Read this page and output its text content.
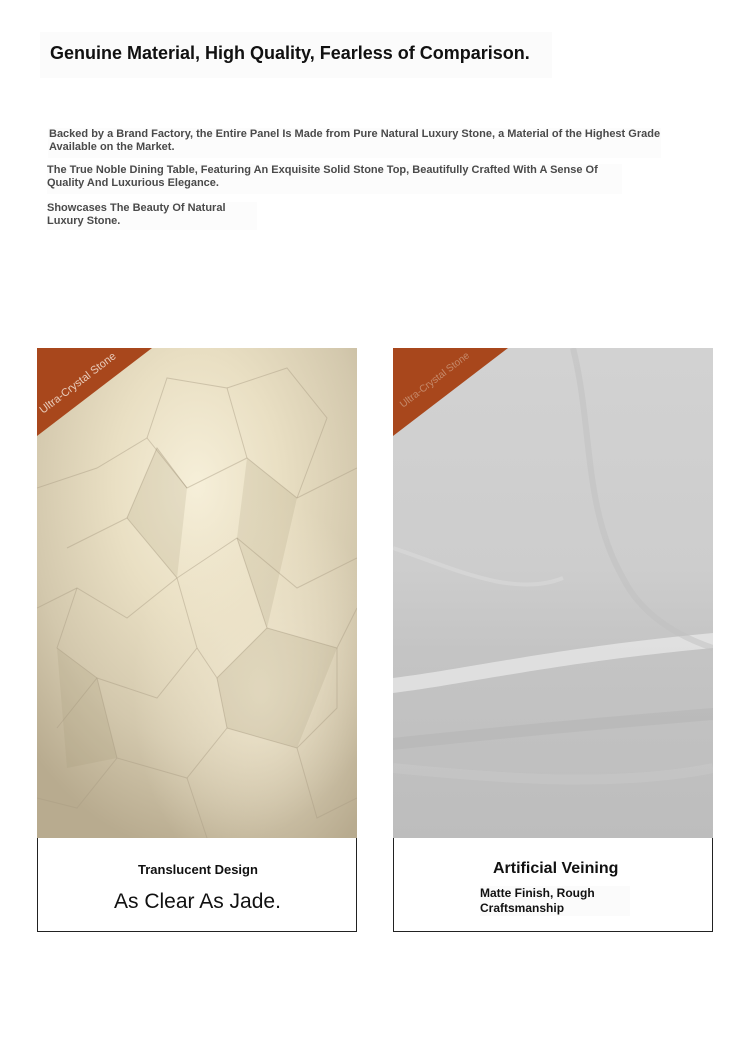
Genuine Material, High Quality, Fearless of Comparison.
Backed by a Brand Factory, the Entire Panel Is Made from Pure Natural Luxury Stone, a Material of the Highest Grade Available on the Market.
The True Noble Dining Table, Featuring An Exquisite Solid Stone Top, Beautifully Crafted With A Sense Of Quality And Luxurious Elegance.
Showcases The Beauty Of Natural Luxury Stone.
Ultra-Crystal Stone
Translucent Design
As Clear As Jade.
Ultra-Crystal Stone
Artificial Veining
Matte Finish, Rough Craftsmanship
